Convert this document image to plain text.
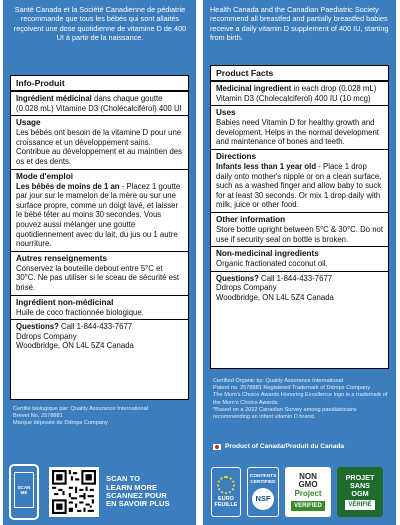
Santé Canada et la Société Canadienne de pédiatrie recommande que tous les bébés qui sont allaités reçoivent une dose quotidienne de vitamine D de 400 UI à partir de la naissance.

Info-Produit
Ingrédient médicinal dans chaque goutte (0.028 mL) Vitamine D3 (Cholécalciférol) 400 UI
Usage
Les bébés ont besoin de la vitamine D pour une croissance et un développement sains. Contribue au développement et au maintien des os et des dents.
Mode d'emploi
Les bébés de moins de 1 an - Placez 1 goutte par jour sur le mamelon de la mère ou sur une surface propre, comme un doigt lavé, et laisser le bébé téter au moins 30 secondes. Vous pouvez aussi mélanger une goutte quotidiennement avec du lait, du jus ou 1 autre nourriture.
Autres renseignements
Conservez la bouteille debout entre 5°C et 30°C. Ne pas utiliser si le sceau de sécurité est brisé.
Ingrédient non-médicinal
Huile de coco fractionnée biologique.
Questions? Call 1-844-433-7677
Ddrops Company
Woodbridge, ON L4L 5Z4 Canada
Certifié biologique par: Quality Assurance International
Brevet No. 2578881
Marque déposée de Ddrops Company
SCAN ME
SCAN TO
LEARN MORE
SCANNEZ POUR
EN SAVOIR PLUS

Health Canada and the Canadian Paediatric Society recommend all breastfed and partially breastfed babies receive a daily vitamin D supplement of 400 IU, starting from birth.

Product Facts
Medicinal ingredient in each drop (0.028 mL) Vitamin D3 (Cholecalciferol) 400 IU (10 mcg)
Uses
Babies need Vitamin D for healthy growth and development. Helps in the normal development and maintenance of bones and teeth.
Directions
Infants less than 1 year old - Place 1 drop daily onto mother's nipple or on a clean surface, such as a washed finger and allow baby to suck for at least 30 seconds. Or mix 1 drop daily with milk, juice or other food.
Other information
Store bottle upright between 5°C & 30°C. Do not use if security seal on bottle is broken.
Non-medicinal ingredients
Organic fractionated coconut oil.
Questions? Call 1-844-433-7677
Ddrops Company
Woodbridge, ON L4L 5Z4 Canada
Certified Organic by: Quality Assurance International
Patent no. 2578881 Registered Trademark of Ddrops Company
The Mom's Choice Awards Honoring Excellence logo is a trademark of the Mom's Choice Awards.
*Based on a 2022 Canadian Survey among paediatricians recommending an infant vitamin D brand.
Product of Canada/Produit du Canada
EURO FEUILLE
CONTENTS CERTIFIED
NSF
NON
GMO
Project
VERIFIED
PROJET
SANS
OGM
VÉRIFIÉ
